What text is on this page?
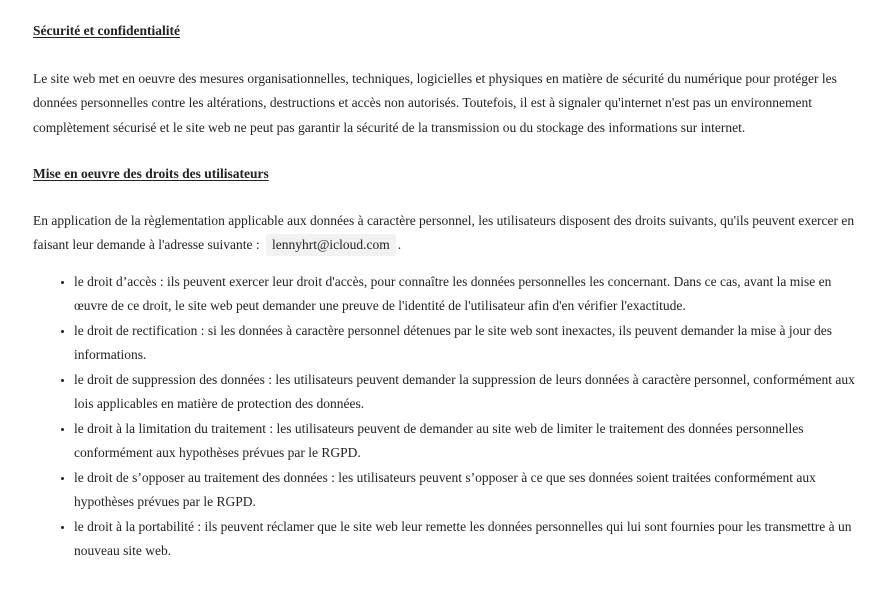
Sécurité et confidentialité

Le site web met en oeuvre des mesures organisationnelles, techniques, logicielles et physiques en matière de sécurité du numérique pour protéger les données personnelles contre les altérations, destructions et accès non autorisés. Toutefois, il est à signaler qu'internet n'est pas un environnement complètement sécurisé et le site web ne peut pas garantir la sécurité de la transmission ou du stockage des informations sur internet.

Mise en oeuvre des droits des utilisateurs

En application de la règlementation applicable aux données à caractère personnel, les utilisateurs disposent des droits suivants, qu'ils peuvent exercer en faisant leur demande à l'adresse suivante : lennyhrt@icloud.com .

• le droit d’accès : ils peuvent exercer leur droit d'accès, pour connaître les données personnelles les concernant. Dans ce cas, avant la mise en œuvre de ce droit, le site web peut demander une preuve de l'identité de l'utilisateur afin d'en vérifier l'exactitude.
• le droit de rectification : si les données à caractère personnel détenues par le site web sont inexactes, ils peuvent demander la mise à jour des informations.
• le droit de suppression des données : les utilisateurs peuvent demander la suppression de leurs données à caractère personnel, conformément aux lois applicables en matière de protection des données.
• le droit à la limitation du traitement : les utilisateurs peuvent de demander au site web de limiter le traitement des données personnelles conformément aux hypothèses prévues par le RGPD.
• le droit de s’opposer au traitement des données : les utilisateurs peuvent s’opposer à ce que ses données soient traitées conformément aux hypothèses prévues par le RGPD.
• le droit à la portabilité : ils peuvent réclamer que le site web leur remette les données personnelles qui lui sont fournies pour les transmettre à un nouveau site web.
